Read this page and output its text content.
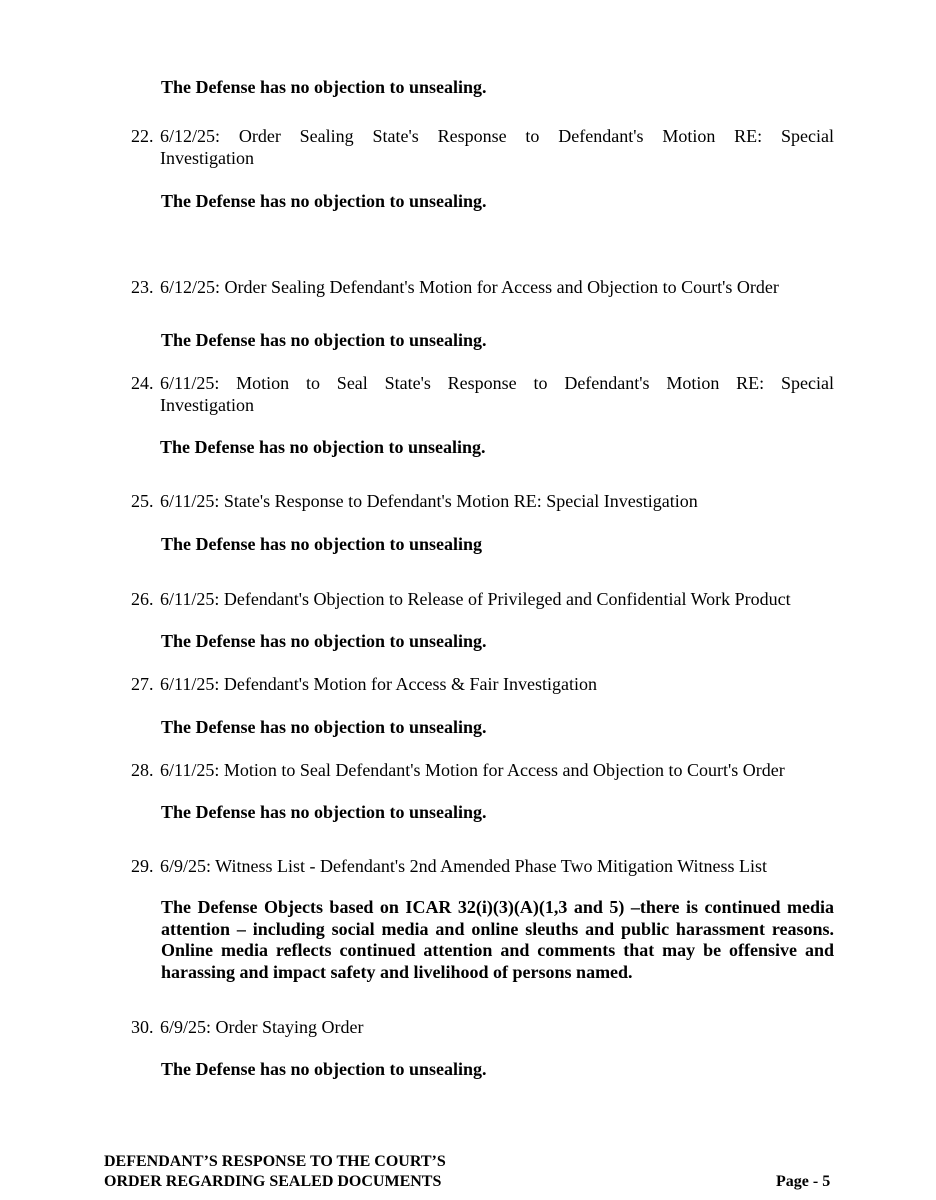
The Defense has no objection to unsealing.
22. 6/12/25: Order Sealing State's Response to Defendant's Motion RE: Special
Investigation
The Defense has no objection to unsealing.
23. 6/12/25: Order Sealing Defendant's Motion for Access and Objection to Court's Order
The Defense has no objection to unsealing.
24. 6/11/25: Motion to Seal State's Response to Defendant's Motion RE: Special
Investigation
The Defense has no objection to unsealing.
25. 6/11/25: State's Response to Defendant's Motion RE: Special Investigation
The Defense has no objection to unsealing
26. 6/11/25: Defendant's Objection to Release of Privileged and Confidential Work Product
The Defense has no objection to unsealing.
27. 6/11/25: Defendant's Motion for Access & Fair Investigation
The Defense has no objection to unsealing.
28. 6/11/25: Motion to Seal Defendant's Motion for Access and Objection to Court's Order
The Defense has no objection to unsealing.
29. 6/9/25: Witness List - Defendant's 2nd Amended Phase Two Mitigation Witness List
The Defense Objects based on ICAR 32(i)(3)(A)(1,3 and 5) –there is continued media attention – including social media and online sleuths and public harassment reasons. Online media reflects continued attention and comments that may be offensive and harassing and impact safety and livelihood of persons named.
30. 6/9/25: Order Staying Order
The Defense has no objection to unsealing.
DEFENDANT’S RESPONSE TO THE COURT’S
ORDER REGARDING SEALED DOCUMENTS	Page - 5
